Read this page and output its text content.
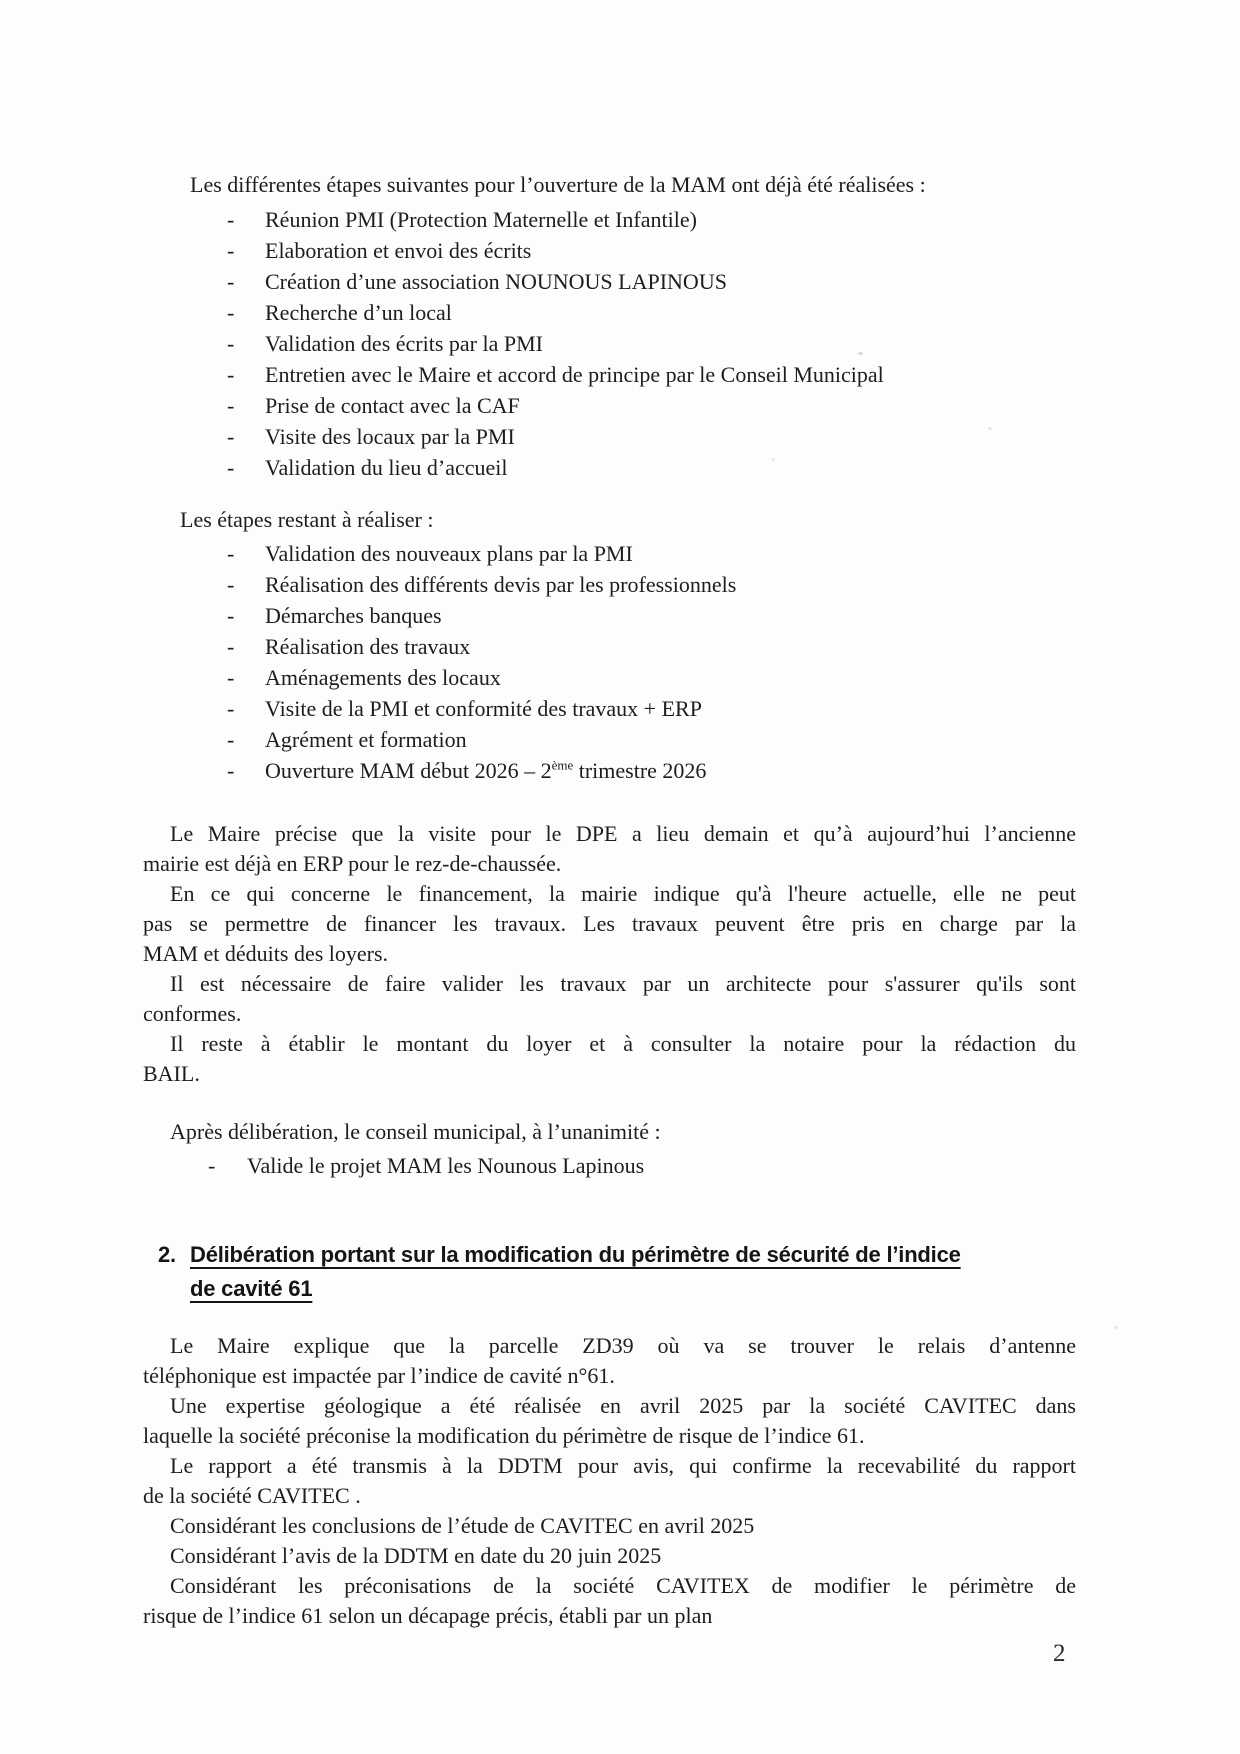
Les différentes étapes suivantes pour l’ouverture de la MAM ont déjà été réalisées :
-	Réunion PMI (Protection Maternelle et Infantile)
-	Elaboration et envoi des écrits
-	Création d’une association NOUNOUS LAPINOUS
-	Recherche d’un local
-	Validation des écrits par la PMI
-	Entretien avec le Maire et accord de principe par le Conseil Municipal
-	Prise de contact avec la CAF
-	Visite des locaux par la PMI
-	Validation du lieu d’accueil
Les étapes restant à réaliser :
-	Validation des nouveaux plans par la PMI
-	Réalisation des différents devis par les professionnels
-	Démarches banques
-	Réalisation des travaux
-	Aménagements des locaux
-	Visite de la PMI et conformité des travaux + ERP
-	Agrément et formation
-	Ouverture MAM début 2026 – 2ème trimestre 2026
Le Maire précise que la visite pour le DPE a lieu demain et qu’à aujourd’hui l’ancienne
mairie est déjà en ERP pour le rez-de-chaussée.
En ce qui concerne le financement, la mairie indique qu'à l'heure actuelle, elle ne peut
pas se permettre de financer les travaux. Les travaux peuvent être pris en charge par la
MAM et déduits des loyers.
Il est nécessaire de faire valider les travaux par un architecte pour s'assurer qu'ils sont
conformes.
Il reste à établir le montant du loyer et à consulter la notaire pour la rédaction du
BAIL.
Après délibération, le conseil municipal, à l’unanimité :
-	Valide le projet MAM les Nounous Lapinous
2. Délibération portant sur la modification du périmètre de sécurité de l’indice
de cavité 61
Le Maire explique que la parcelle ZD39 où va se trouver le relais d’antenne
téléphonique est impactée par l’indice de cavité n°61.
Une expertise géologique a été réalisée en avril 2025 par la société CAVITEC dans
laquelle la société préconise la modification du périmètre de risque de l’indice 61.
Le rapport a été transmis à la DDTM pour avis, qui confirme la recevabilité du rapport
de la société CAVITEC .
Considérant les conclusions de l’étude de CAVITEC en avril 2025
Considérant l’avis de la DDTM en date du 20 juin 2025
Considérant les préconisations de la société CAVITEX de modifier le périmètre de
risque de l’indice 61 selon un décapage précis, établi par un plan
2
